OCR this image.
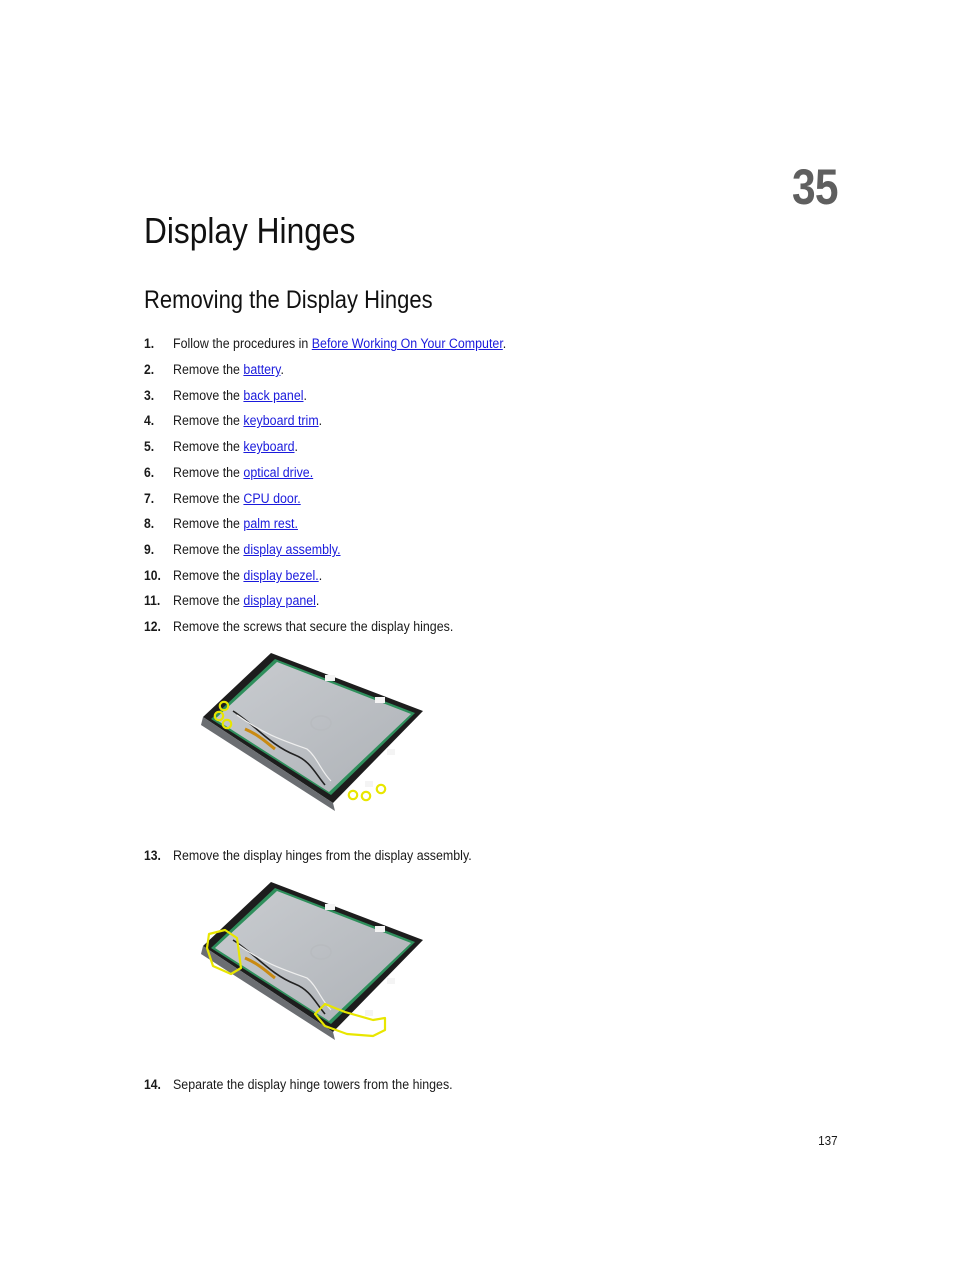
35
Display Hinges
Removing the Display Hinges
1.	Follow the procedures in Before Working On Your Computer.
2.	Remove the battery.
3.	Remove the back panel.
4.	Remove the keyboard trim.
5.	Remove the keyboard.
6.	Remove the optical drive.
7.	Remove the CPU door.
8.	Remove the palm rest.
9.	Remove the display assembly.
10. Remove the display bezel..
11. Remove the display panel.
12. Remove the screws that secure the display hinges.
13. Remove the display hinges from the display assembly.
14. Separate the display hinge towers from the hinges.
137
